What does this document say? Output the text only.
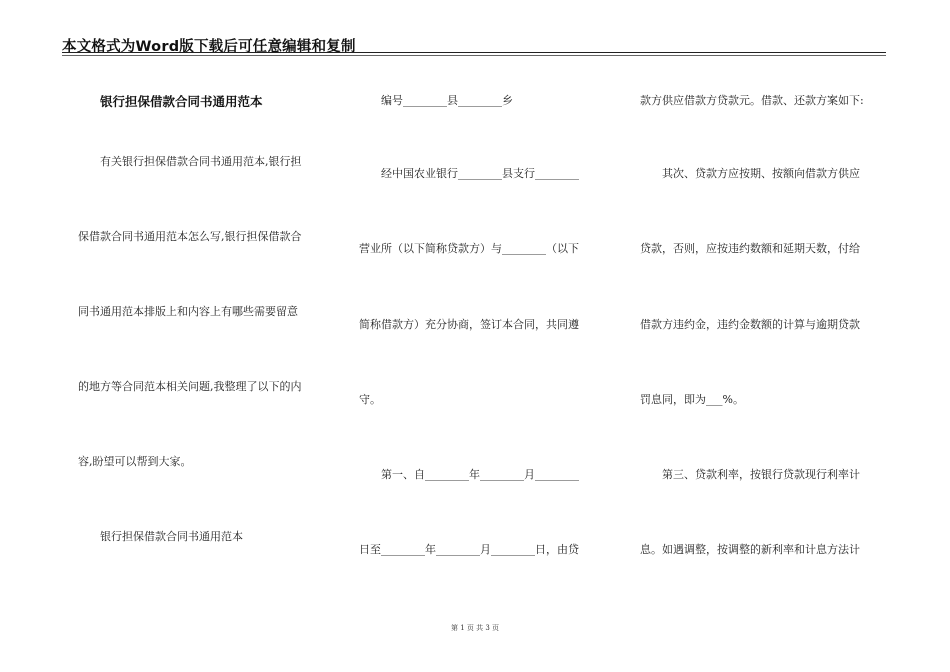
本文格式为Word版下载后可任意编辑和复制
银行担保借款合同书通用范本
有关银行担保借款合同书通用范本,银行担
保借款合同书通用范本怎么写,银行担保借款合
同书通用范本排版上和内容上有哪些需要留意
的地方等合同范本相关问题,我整理了以下的内
容,盼望可以帮到大家。
银行担保借款合同书通用范本
编号________县________乡
经中国农业银行________县支行________
营业所（以下简称贷款方）与________（以下
简称借款方）充分协商，签订本合同，共同遵
守。
第一、自________年________月________
日至________年________月________日，由贷
款方供应借款方贷款元。借款、还款方案如下:
其次、贷款方应按期、按额向借款方供应
贷款，否则，应按违约数额和延期天数，付给
借款方违约金，违约金数额的计算与逾期贷款
罚息同，即为___%。
第三、贷款利率，按银行贷款现行利率计
息。如遇调整，按调整的新利率和计息方法计
第 1 页 共 3 页
